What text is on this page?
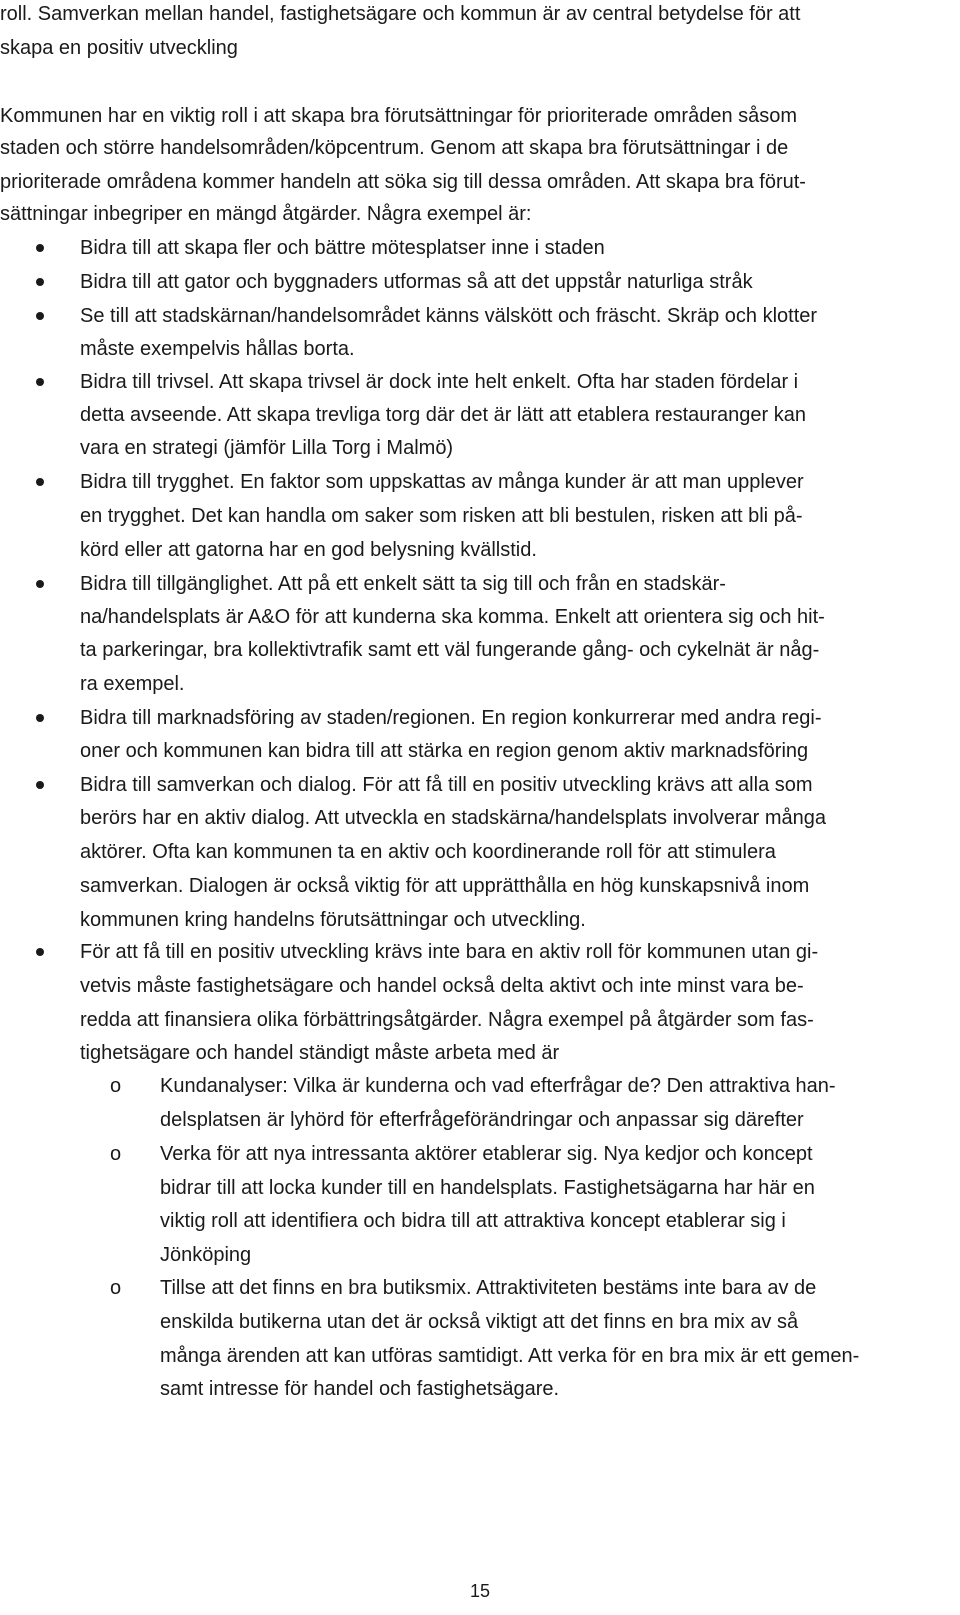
roll. Samverkan mellan handel, fastighetsägare och kommun är av central betydelse för att
skapa en positiv utveckling
Kommunen har en viktig roll i att skapa bra förutsättningar för prioriterade områden såsom
staden och större handelsområden/köpcentrum. Genom att skapa bra förutsättningar i de
prioriterade områdena kommer handeln att söka sig till dessa områden. Att skapa bra förut-
sättningar inbegriper en mängd åtgärder. Några exempel är:
Bidra till att skapa fler och bättre mötesplatser inne i staden
Bidra till att gator och byggnaders utformas så att det uppstår naturliga stråk
Se till att stadskärnan/handelsområdet känns välskött och fräscht. Skräp och klotter
måste exempelvis hållas borta.
Bidra till trivsel. Att skapa trivsel är dock inte helt enkelt. Ofta har staden fördelar i
detta avseende. Att skapa trevliga torg där det är lätt att etablera restauranger kan
vara en strategi (jämför Lilla Torg i Malmö)
Bidra till trygghet. En faktor som uppskattas av många kunder är att man upplever
en trygghet. Det kan handla om saker som risken att bli bestulen, risken att bli på-
körd eller att gatorna har en god belysning kvällstid.
Bidra till tillgänglighet. Att på ett enkelt sätt ta sig till och från en stadskär-
na/handelsplats är A&O för att kunderna ska komma. Enkelt att orientera sig och hit-
ta parkeringar, bra kollektivtrafik samt ett väl fungerande gång- och cykelnät är någ-
ra exempel.
Bidra till marknadsföring av staden/regionen. En region konkurrerar med andra regi-
oner och kommunen kan bidra till att stärka en region genom aktiv marknadsföring
Bidra till samverkan och dialog. För att få till en positiv utveckling krävs att alla som
berörs har en aktiv dialog. Att utveckla en stadskärna/handelsplats involverar många
aktörer. Ofta kan kommunen ta en aktiv och koordinerande roll för att stimulera
samverkan. Dialogen är också viktig för att upprätthålla en hög kunskapsnivå inom
kommunen kring handelns förutsättningar och utveckling.
För att få till en positiv utveckling krävs inte bara en aktiv roll för kommunen utan gi-
vetvis måste fastighetsägare och handel också delta aktivt och inte minst vara be-
redda att finansiera olika förbättringsåtgärder. Några exempel på åtgärder som fas-
tighetsägare och handel ständigt måste arbeta med är
o Kundanalyser: Vilka är kunderna och vad efterfrågar de? Den attraktiva han-
delsplatsen är lyhörd för efterfrågeförändringar och anpassar sig därefter
o Verka för att nya intressanta aktörer etablerar sig. Nya kedjor och koncept
bidrar till att locka kunder till en handelsplats. Fastighetsägarna har här en
viktig roll att identifiera och bidra till att attraktiva koncept etablerar sig i
Jönköping
o Tillse att det finns en bra butiksmix. Attraktiviteten bestäms inte bara av de
enskilda butikerna utan det är också viktigt att det finns en bra mix av så
många ärenden att kan utföras samtidigt. Att verka för en bra mix är ett gemen-
samt intresse för handel och fastighetsägare.
15
